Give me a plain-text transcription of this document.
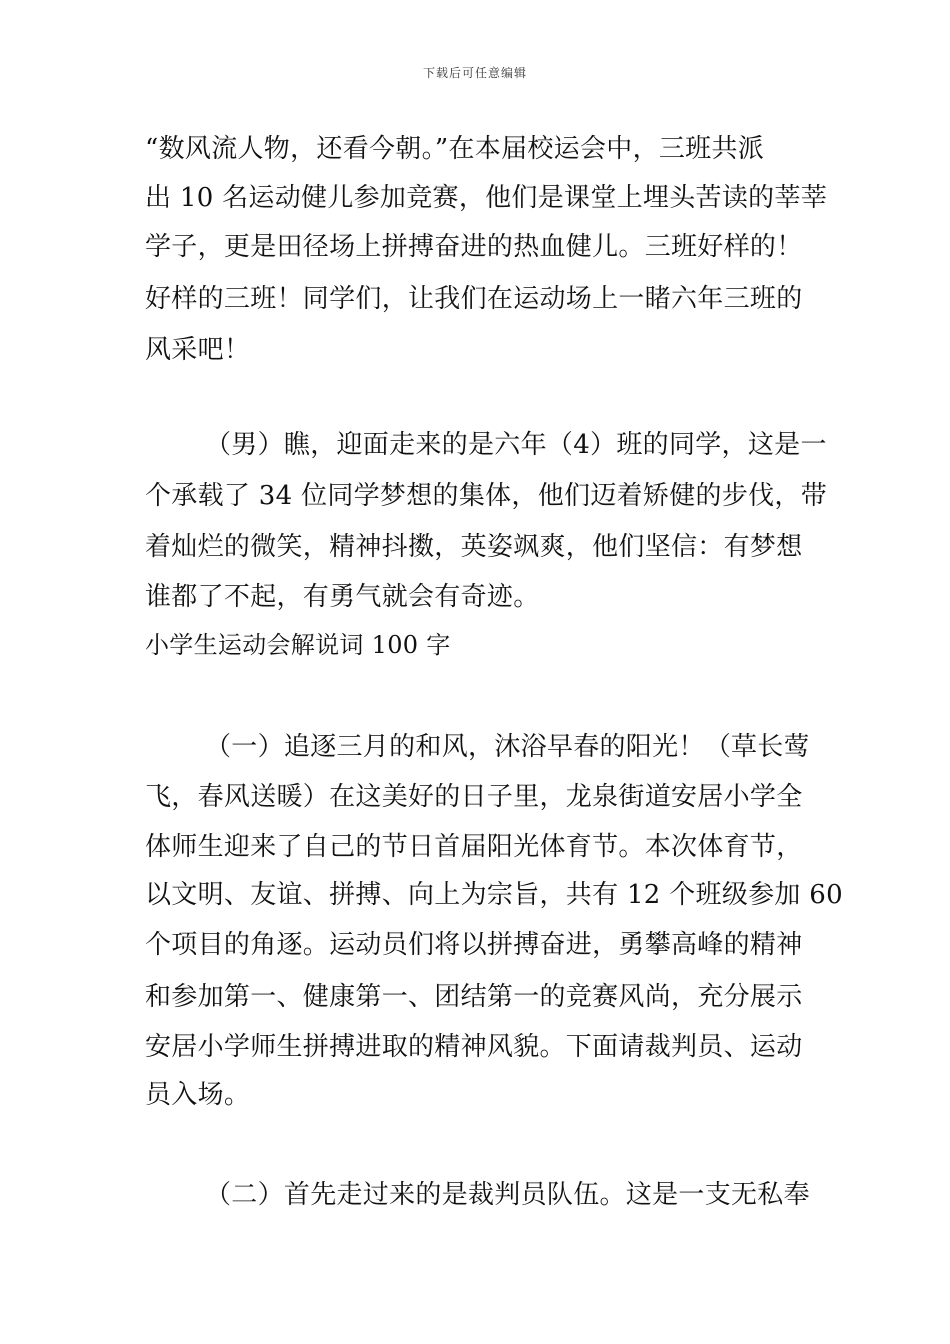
下载后可任意编辑
“数风流人物，还看今朝。”在本届校运会中，三班共派
出 10 名运动健儿参加竞赛，他们是课堂上埋头苦读的莘莘
学子，更是田径场上拼搏奋进的热血健儿。三班好样的！
好样的三班！同学们，让我们在运动场上一睹六年三班的
风采吧！
（男）瞧，迎面走来的是六年（4）班的同学，这是一
个承载了 34 位同学梦想的集体，他们迈着矫健的步伐，带
着灿烂的微笑，精神抖擞，英姿飒爽，他们坚信：有梦想
谁都了不起，有勇气就会有奇迹。
小学生运动会解说词 100 字
（一）追逐三月的和风，沐浴早春的阳光！（草长莺
飞，春风送暖）在这美好的日子里，龙泉街道安居小学全
体师生迎来了自己的节日首届阳光体育节。本次体育节，
以文明、友谊、拼搏、向上为宗旨，共有 12 个班级参加 60
个项目的角逐。运动员们将以拼搏奋进，勇攀高峰的精神
和参加第一、健康第一、团结第一的竞赛风尚，充分展示
安居小学师生拼搏进取的精神风貌。下面请裁判员、运动
员入场。
（二）首先走过来的是裁判员队伍。这是一支无私奉
